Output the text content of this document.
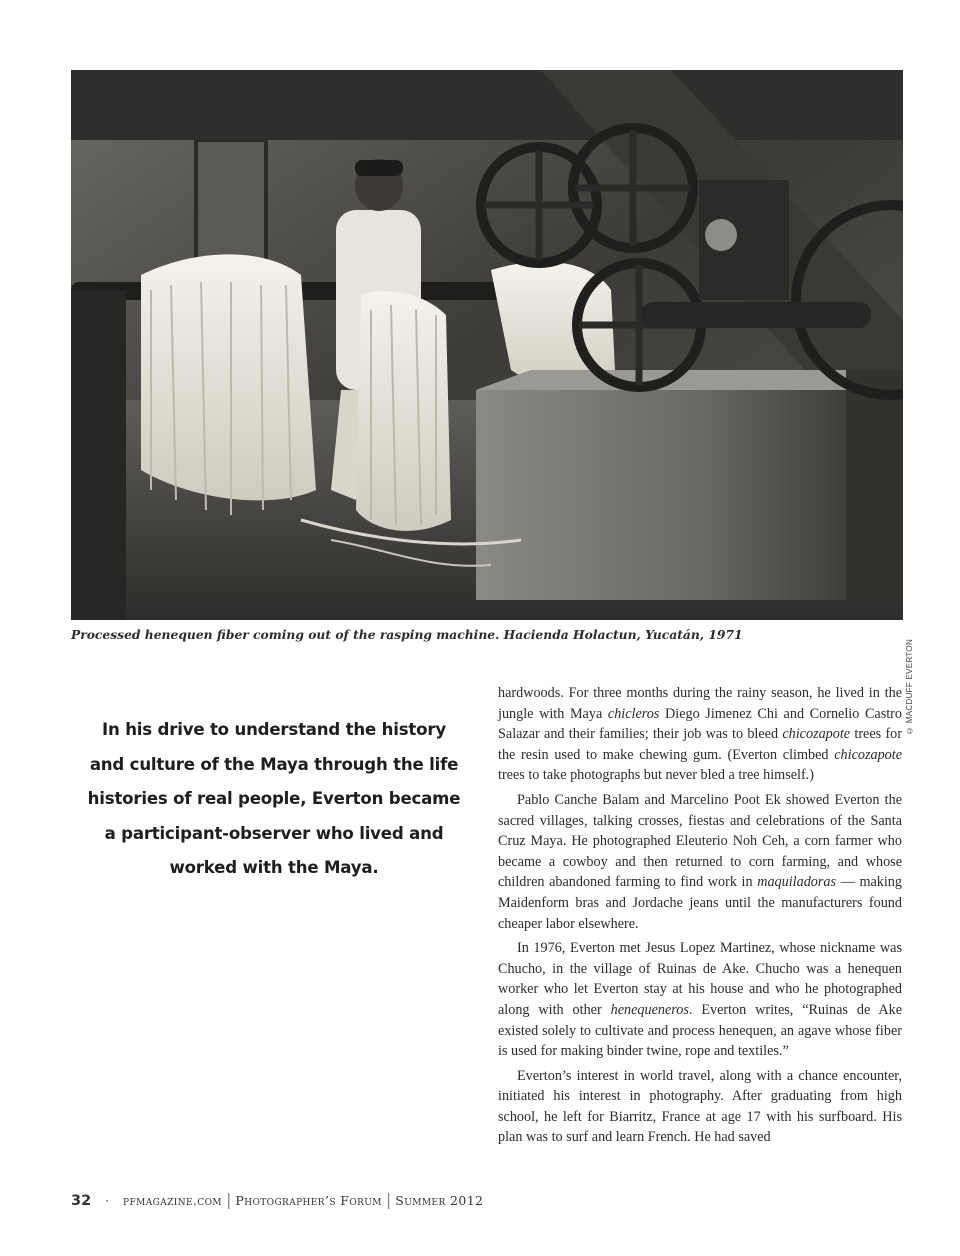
© MACDUFF EVERTON
Processed henequen fiber coming out of the rasping machine. Hacienda Holactun, Yucatán, 1971
In his drive to understand the history and culture of the Maya through the life histories of real people, Everton became a participant-observer who lived and worked with the Maya.

hardwoods. For three months during the rainy season, he lived in the jungle with Maya chicleros Diego Jimenez Chi and Cornelio Castro Salazar and their families; their job was to bleed chicozapote trees for the resin used to make chewing gum. (Everton climbed chicozapote trees to take photographs but never bled a tree himself.)

Pablo Canche Balam and Marcelino Poot Ek showed Everton the sacred villages, talking crosses, fiestas and celebrations of the Santa Cruz Maya. He photographed Eleuterio Noh Ceh, a corn farmer who became a cowboy and then returned to corn farming, and whose children abandoned farming to find work in maquiladoras — making Maidenform bras and Jordache jeans until the manufacturers found cheaper labor elsewhere.

In 1976, Everton met Jesus Lopez Martinez, whose nickname was Chucho, in the village of Ruinas de Ake. Chucho was a henequen worker who let Everton stay at his house and who he photographed along with other henequeneros. Everton writes, “Ruinas de Ake existed solely to cultivate and process henequen, an agave whose fiber is used for making binder twine, rope and textiles.”

Everton’s interest in world travel, along with a chance encounter, initiated his interest in photography. After graduating from high school, he left for Biarritz, France at age 17 with his surfboard. His plan was to surf and learn French. He had saved

32 · pfmagazine.com | Photographer’s Forum | Summer 2012
